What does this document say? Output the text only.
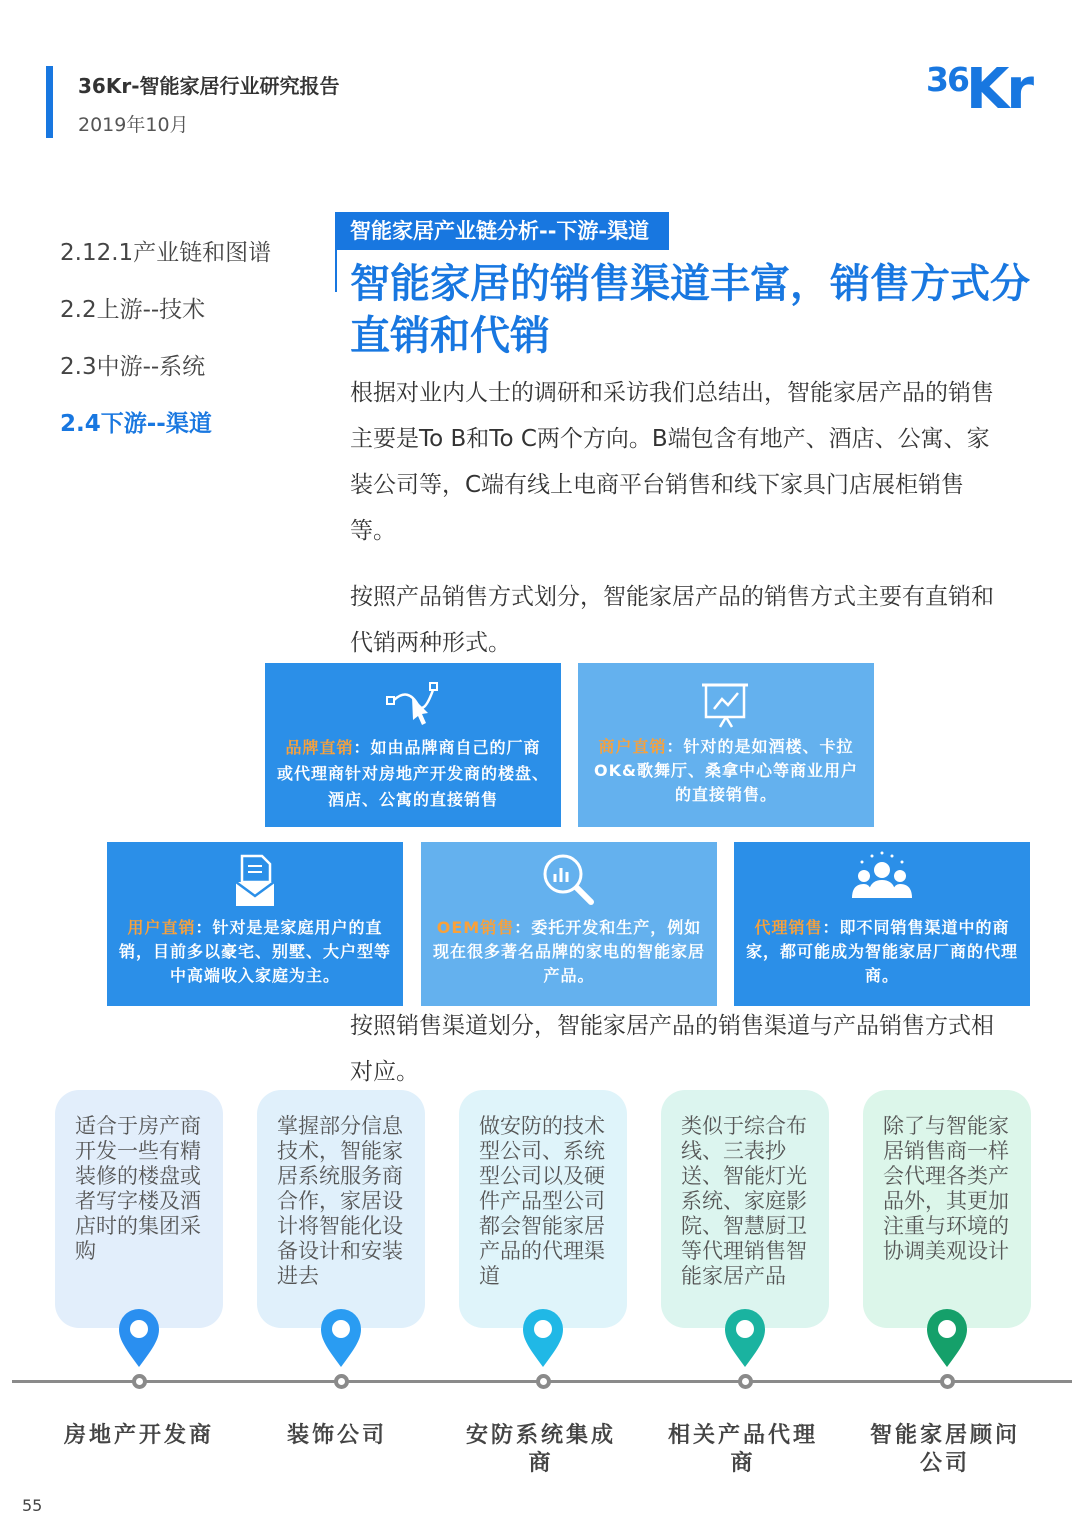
36Kr-智能家居行业研究报告
2019年10月
36
Kr
2.12.1产业链和图谱
2.2上游--技术
2.3中游--系统
2.4下游--渠道
智能家居产业链分析--下游-渠道
智能家居的销售渠道丰富，销售方式分直销和代销
根据对业内人士的调研和采访我们总结出，智能家居产品的销售主要是To B和To C两个方向。B端包含有地产、酒店、公寓、家装公司等，C端有线上电商平台销售和线下家具门店展柜销售等。
按照产品销售方式划分，智能家居产品的销售方式主要有直销和代销两种形式。
品牌直销：如由品牌商自己的厂商或代理商针对房地产开发商的楼盘、酒店、公寓的直接销售
商户直销：针对的是如酒楼、卡拉OK&歌舞厅、桑拿中心等商业用户的直接销售。
用户直销：针对是是家庭用户的直销，目前多以豪宅、别墅、大户型等中高端收入家庭为主。
OEM销售：委托开发和生产，例如现在很多著名品牌的家电的智能家居产品。
代理销售：即不同销售渠道中的商家，都可能成为智能家居厂商的代理商。
按照销售渠道划分，智能家居产品的销售渠道与产品销售方式相对应。
适合于房产商开发一些有精装修的楼盘或者写字楼及酒店时的集团采购
掌握部分信息技术，智能家居系统服务商合作，家居设计将智能化设备设计和安装进去
做安防的技术型公司、系统型公司以及硬件产品型公司都会智能家居产品的代理渠道
类似于综合布线、三表抄送、智能灯光系统、家庭影院、智慧厨卫等代理销售智能家居产品
除了与智能家居销售商一样会代理各类产品外，其更加注重与环境的协调美观设计
房地产开发商	装饰公司	安防系统集成商
相关产品代理商
智能家居顾问公司
55
